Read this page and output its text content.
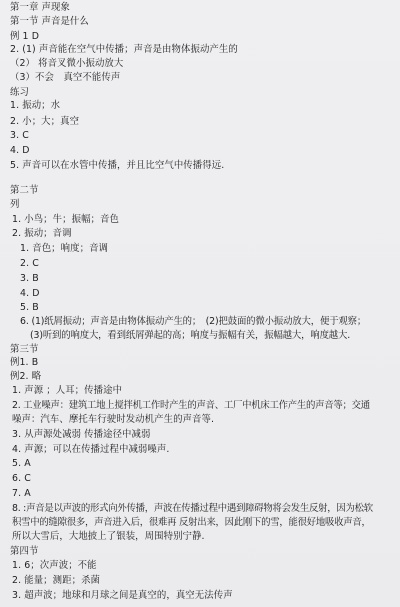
第一章 声现象
第一节 声音是什么
例 1 D
2. (1) 声音能在空气中传播；声音是由物体振动产生的
（2） 将音叉微小振动放大
（3）不会　真空不能传声
练习
1. 振动；水
2. 小；大；真空
3. C
4. D
5. 声音可以在水管中传播，并且比空气中传播得远.
第二节
列
1. 小鸟；牛；振幅；音色
2. 振动；音调
1. 音色；响度；音调
2. C
3. B
4. D
5. B
6. (1)纸屑振动；声音是由物体振动产生的；　(2)把鼓面的微小振动放大，便于观察；
(3)听到的响度大，看到纸屑弹起的高；响度与振幅有关，振幅越大，响度越大.
第三节
例1. B
例2. 略
1. 声源 ；人耳；传播途中
2. 工业噪声：建筑工地上搅拌机工作时产生的声音、工厂中机床工作产生的声音等；交通
噪声：汽车、摩托车行驶时发动机产生的声音等.
3. 从声源处减弱 传播途径中减弱
4. 声源；可以在传播过程中减弱噪声.
5. A
6. C
7. A
8. :声音是以声波的形式向外传播，声波在传播过程中遇到障碍物将会发生反射，因为松软
积雪中的缝隙很多，声音进入后，很难再 反射出来，因此刚下的雪，能很好地吸收声音，
所以大雪后，大地披上了银装，周围特别宁静.
第四节
1. 6；次声波；不能
2. 能量；测距；杀菌
3. 超声波；地球和月球之间是真空的，真空无法传声
